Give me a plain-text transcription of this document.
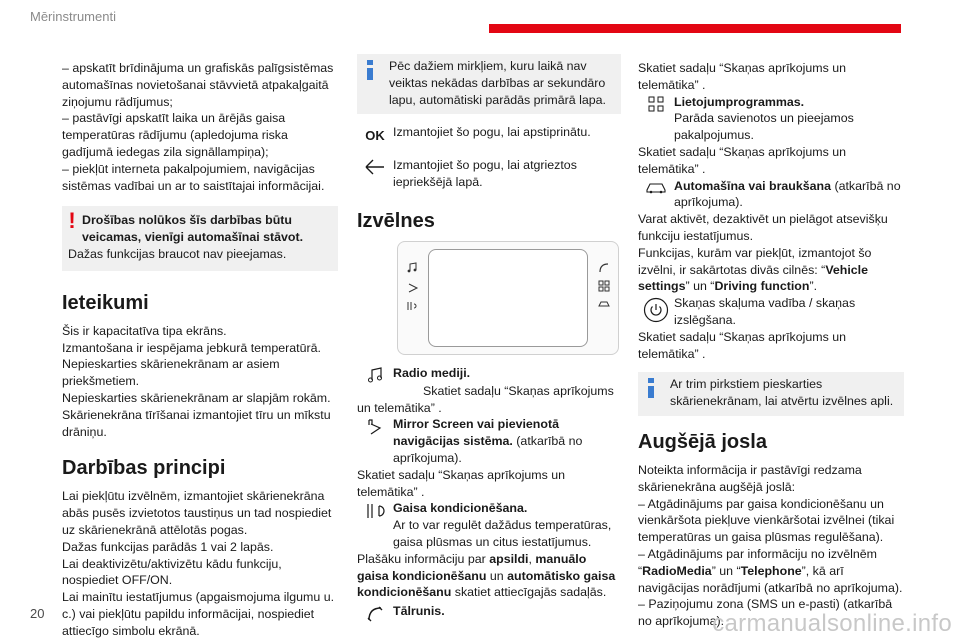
Mērinstrumenti

– apskatīt brīdinājuma un grafiskās palīgsistēmas automašīnas novietošanai stāvvietā atpakaļgaitā ziņojumu rādījumus;

– pastāvīgi apskatīt laika un ārējās gaisa temperatūras rādījumu (apledojuma riska gadījumā iedegas zila signāllampiņa);

– piekļūt interneta pakalpojumiem, navigācijas sistēmas vadībai un ar to saistītajai informācijai.

! Drošības nolūkos šīs darbības būtu veicamas, vienīgi automašīnai stāvot.

Dažas funkcijas braucot nav pieejamas.

Ieteikumi

Šis ir kapacitatīva tipa ekrāns.

Izmantošana ir iespējama jebkurā temperatūrā.

Nepieskarties skārienekrānam ar asiem priekšmetiem.

Nepieskarties skārienekrānam ar slapjām rokām.

Skārienekrāna tīrīšanai izmantojiet tīru un mīkstu drāniņu.

Darbības principi

Lai piekļūtu izvēlnēm, izmantojiet skārienekrāna abās pusēs izvietotos taustiņus un tad nospiediet uz skārienekrānā attēlotās pogas.

Dažas funkcijas parādās 1 vai 2 lapās.

Lai deaktivizētu/aktivizētu kādu funkciju, nospiediet OFF/ON.

Lai mainītu iestatījumus (apgaismojuma ilgumu u. c.) vai piekļūtu papildu informācijai, nospiediet attiecīgo simbolu ekrānā.

Pēc dažiem mirkļiem, kuru laikā nav veiktas nekādas darbības ar sekundāro lapu, automātiski parādās primārā lapa.

OK Izmantojiet šo pogu, lai apstiprinātu.

Izmantojiet šo pogu, lai atgrieztos iepriekšējā lapā.

Izvēlnes

Radio mediji.

Skatiet sadaļu “Skaņas aprīkojums un telemātika” .

Mirror Screen vai pievienotā navigācijas sistēma. (atkarībā no aprīkojuma).

Skatiet sadaļu “Skaņas aprīkojums un telemātika” .

Gaisa kondicionēšana.

Ar to var regulēt dažādus temperatūras, gaisa plūsmas un citus iestatījumus.

Plašāku informāciju par apsildi, manuālo gaisa kondicionēšanu un automātisko gaisa kondicionēšanu skatiet attiecīgajās sadaļās.

Tālrunis.

Skatiet sadaļu “Skaņas aprīkojums un telemātika” .

Lietojumprogrammas.

Parāda savienotos un pieejamos pakalpojumus.

Skatiet sadaļu “Skaņas aprīkojums un telemātika” .

Automašīna vai braukšana (atkarībā no aprīkojuma).

Varat aktivēt, dezaktivēt un pielāgot atsevišķu funkciju iestatījumus.

Funkcijas, kurām var piekļūt, izmantojot šo izvēlni, ir sakārtotas divās cilnēs: “Vehicle settings” un “Driving function”.

Skaņas skaļuma vadība / skaņas izslēgšana.

Skatiet sadaļu “Skaņas aprīkojums un telemātika” .

Ar trim pirkstiem pieskarties skārienekrānam, lai atvērtu izvēlnes apli.

Augšējā josla

Noteikta informācija ir pastāvīgi redzama skārienekrāna augšējā joslā:

– Atgādinājums par gaisa kondicionēšanu un vienkāršota piekļuve vienkāršotai izvēlnei (tikai temperatūras un gaisa plūsmas regulēšana).

– Atgādinājums par informāciju no izvēlnēm “RadioMedia” un “Telephone”, kā arī navigācijas norādījumi (atkarībā no aprīkojuma).

– Paziņojumu zona (SMS un e-pasti) (atkarībā no aprīkojuma).

20	carmanualsonline.info
